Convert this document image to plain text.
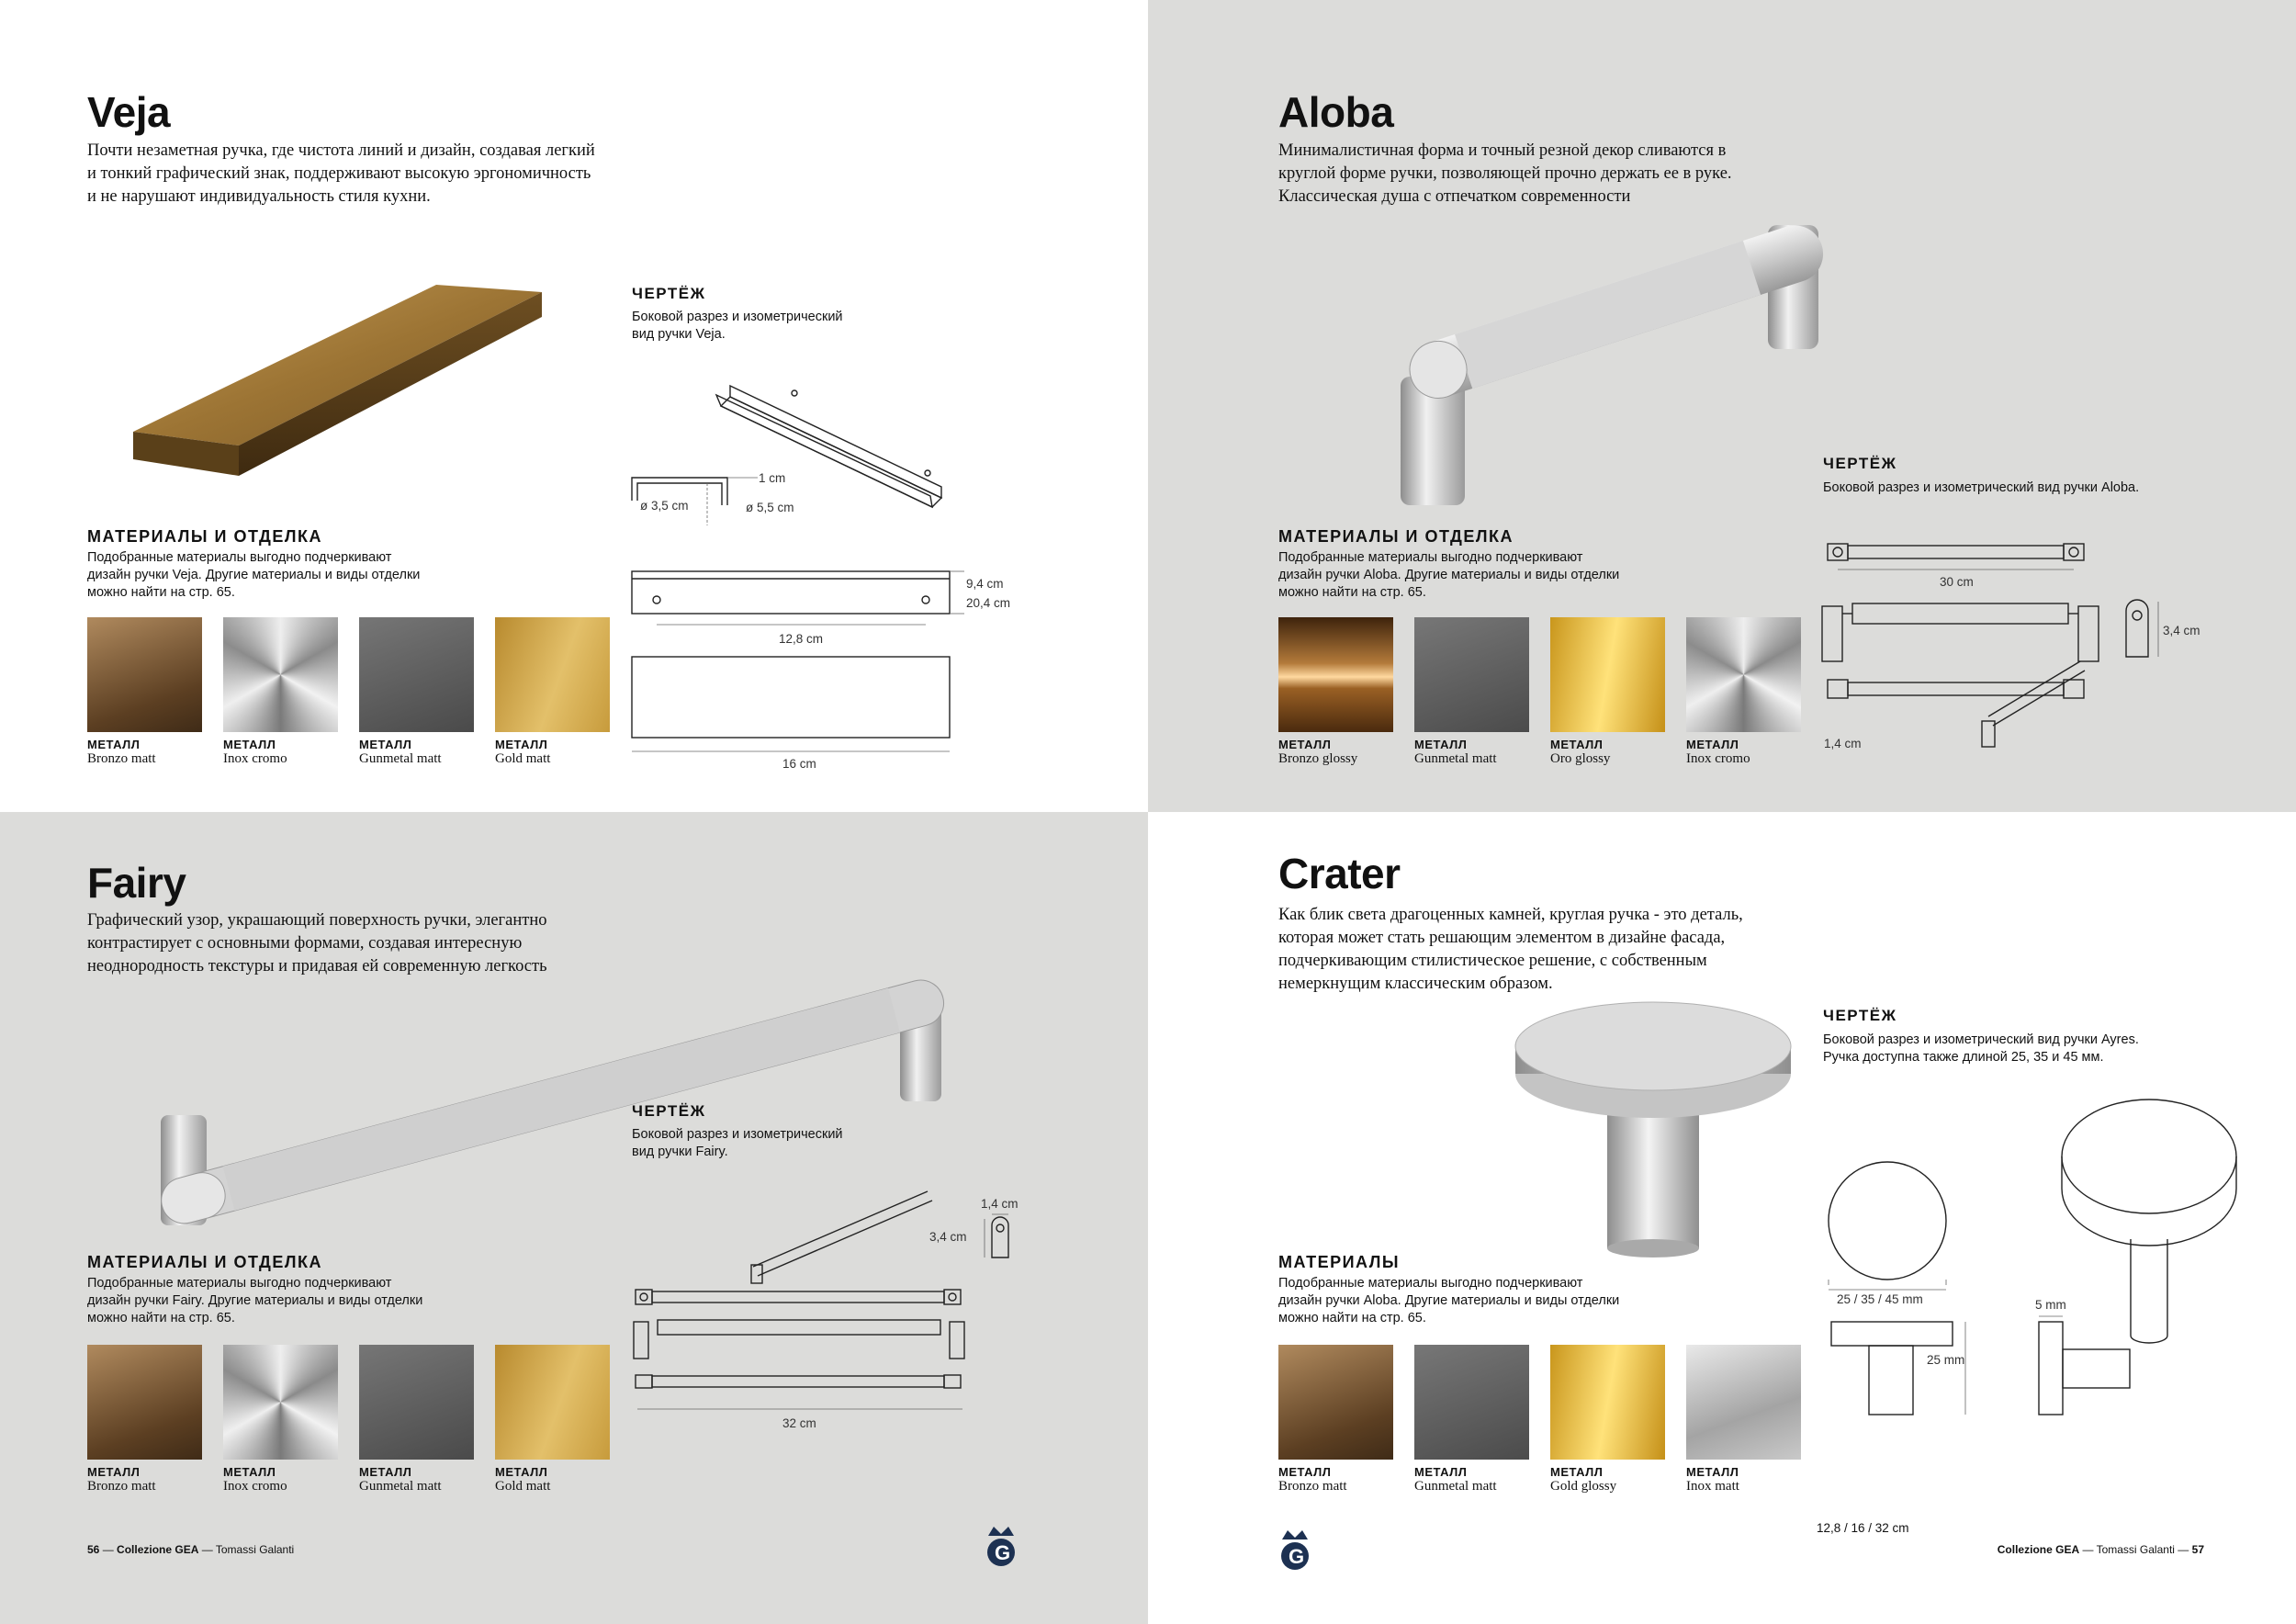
Veja

Почти незаметная ручка, где чистота линий и дизайн, создавая легкий
и тонкий графический знак, поддерживают высокую эргономичность
и не нарушают индивидуальность стиля кухни.

МАТЕРИАЛЫ И ОТДЕЛКА

Подобранные материалы выгодно подчеркивают
дизайн ручки Veja. Другие материалы и виды отделки
можно найти на стр. 65.

МЕТАЛЛ
Bronzo matt
МЕТАЛЛ
Inox cromo
МЕТАЛЛ
Gunmetal matt
МЕТАЛЛ
Gold matt
ЧЕРТЁЖ

Боковой разрез и изометрический
вид ручки Veja.

1 cm
ø 3,5 cm	ø 5,5 cm
9,4 cm
20,4 cm
12,8 cm
16 cm
Aloba

Минималистичная форма и точный резной декор сливаются в
круглой форме ручки, позволяющей прочно держать ее в руке.
Классическая душа с отпечатком современности

МАТЕРИАЛЫ И ОТДЕЛКА

Подобранные материалы выгодно подчеркивают
дизайн ручки Aloba. Другие материалы и виды отделки
можно найти на стр. 65.

МЕТАЛЛ
Bronzo glossy
МЕТАЛЛ
Gunmetal matt
МЕТАЛЛ
Oro glossy
МЕТАЛЛ
Inox cromo
ЧЕРТЁЖ

Боковой разрез и изометрический вид ручки Aloba.

30 cm
3,4 cm
1,4 cm
Fairy

Графический узор, украшающий поверхность ручки, элегантно
контрастирует с основными формами, создавая интересную
неоднородность текстуры и придавая ей современную легкость

МАТЕРИАЛЫ И ОТДЕЛКА

Подобранные материалы выгодно подчеркивают
дизайн ручки Fairy. Другие материалы и виды отделки
можно найти на стр. 65.

МЕТАЛЛ
Bronzo matt
МЕТАЛЛ
Inox cromo
МЕТАЛЛ
Gunmetal matt
МЕТАЛЛ
Gold matt
ЧЕРТЁЖ

Боковой разрез и изометрический
вид ручки Fairy.

1,4 cm
3,4 cm
32 cm
56 — Collezione GEA — Tomassi Galanti	G
Crater

Как блик света драгоценных камней, круглая ручка - это деталь,
которая может стать решающим элементом в дизайне фасада,
подчеркивающим стилистическое решение, с собственным
немеркнущим классическим образом.

МАТЕРИАЛЫ

Подобранные материалы выгодно подчеркивают
дизайн ручки Aloba. Другие материалы и виды отделки
можно найти на стр. 65.

МЕТАЛЛ
Bronzo matt
МЕТАЛЛ
Gunmetal matt
МЕТАЛЛ
Gold glossy
МЕТАЛЛ
Inox matt
ЧЕРТЁЖ

Боковой разрез и изометрический вид ручки Ayres.
Ручка доступна также длиной 25, 35 и 45 мм.

25 / 35 / 45 mm
25 mm
5 mm
12,8 / 16 / 32 cm
G	Collezione GEA — Tomassi Galanti — 57
